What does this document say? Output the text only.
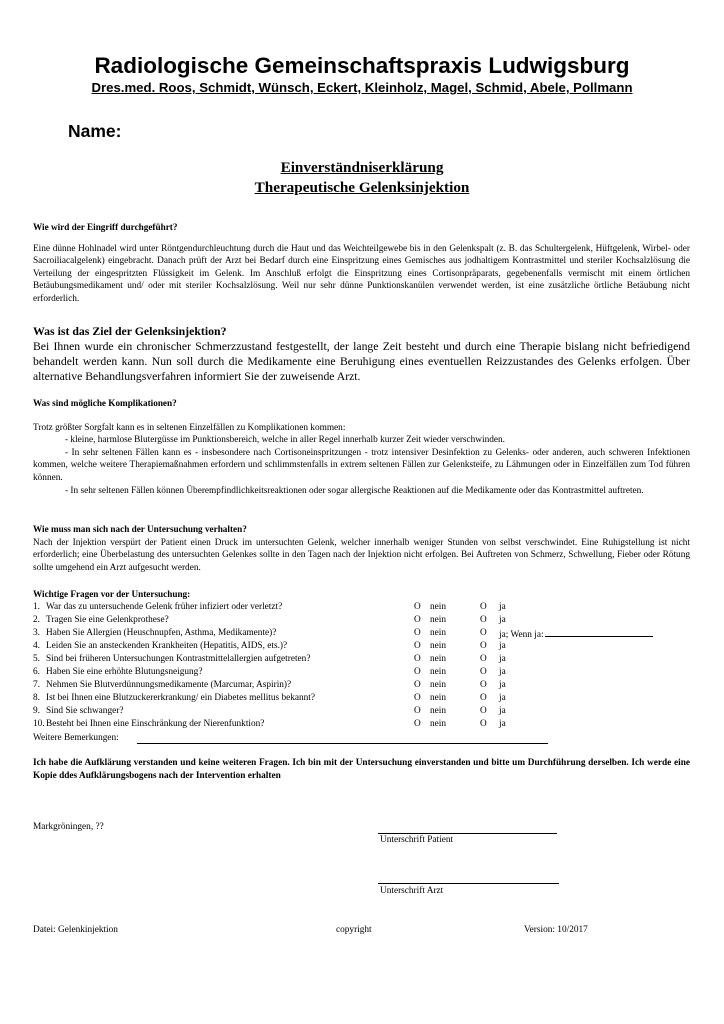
Radiologische Gemeinschaftspraxis Ludwigsburg
Dres.med. Roos, Schmidt, Wünsch, Eckert, Kleinholz, Magel, Schmid, Abele, Pollmann
Name:
Einverständniserklärung
Therapeutische Gelenksinjektion
Wie wird der Eingriff durchgeführt?

Eine dünne Hohlnadel wird unter Röntgendurchleuchtung durch die Haut und das Weichteilgewebe bis in den Gelenkspalt (z. B. das Schultergelenk, Hüftgelenk, Wirbel- oder Sacroiliacalgelenk) eingebracht. Danach prüft der Arzt bei Bedarf durch eine Einspritzung eines Gemisches aus jodhaltigem Kontrastmittel und steriler Kochsalzlösung die Verteilung der eingespritzten Flüssigkeit im Gelenk. Im Anschluß erfolgt die Einspritzung eines Cortisonpräparats, gegebenenfalls vermischt mit einem örtlichen Betäubungsmedikament und/ oder mit steriler Kochsalzlösung. Weil nur sehr dünne Punktionskanülen verwendet werden, ist eine zusätzliche örtliche Betäubung nicht erforderlich.

Was ist das Ziel der Gelenksinjektion?

Bei Ihnen wurde ein chronischer Schmerzzustand festgestellt, der lange Zeit besteht und durch eine Therapie bislang nicht befriedigend behandelt werden kann. Nun soll durch die Medikamente eine Beruhigung eines eventuellen Reizzustandes des Gelenks erfolgen. Über alternative Behandlungsverfahren informiert Sie der zuweisende Arzt.

Was sind mögliche Komplikationen?

Trotz größter Sorgfalt kann es in seltenen Einzelfällen zu Komplikationen kommen:

- kleine, harmlose Blutergüsse im Punktionsbereich, welche in aller Regel innerhalb kurzer Zeit wieder verschwinden.

- In sehr seltenen Fällen kann es - insbesondere nach Cortisoneinspritzungen - trotz intensiver Desinfektion zu Gelenks- oder anderen, auch schweren Infektionen kommen, welche weitere Therapiemaßnahmen erfordern und schlimmstenfalls in extrem seltenen Fällen zur Gelenksteife, zu Lähmungen oder in Einzelfällen zum Tod führen können.

- In sehr seltenen Fällen können Überempfindlichkeitsreaktionen oder sogar allergische Reaktionen auf die Medikamente oder das Kontrastmittel auftreten.

Wie muss man sich nach der Untersuchung verhalten?

Nach der Injektion verspürt der Patient einen Druck im untersuchten Gelenk, welcher innerhalb weniger Stunden von selbst verschwindet. Eine Ruhigstellung ist nicht erforderlich; eine Überbelastung des untersuchten Gelenkes sollte in den Tagen nach der Injektion nicht erfolgen. Bei Auftreten von Schmerz, Schwellung, Fieber oder Rötung sollte umgehend ein Arzt aufgesucht werden.

Wichtige Fragen vor der Untersuchung:
1. War das zu untersuchende Gelenk früher infiziert oder verletzt?	O nein	O ja
2. Tragen Sie eine Gelenkprothese?	O nein	O ja
3. Haben Sie Allergien (Heuschnupfen, Asthma, Medikamente)?	O nein	O ja; Wenn ja:
4. Leiden Sie an ansteckenden Krankheiten (Hepatitis, AIDS, ets.)?	O nein	O ja
5. Sind bei früheren Untersuchungen Kontrastmittelallergien aufgetreten?	O nein	O ja
6. Haben Sie eine erhöhte Blutungsneigung?	O nein	O ja
7. Nehmen Sie Blutverdünnungsmedikamente (Marcumar, Aspirin)?	O nein	O ja
8. Ist bei Ihnen eine Blutzuckererkrankung/ ein Diabetes mellitus bekannt?	O nein	O ja
9. Sind Sie schwanger?	O nein	O ja
10. Besteht bei Ihnen eine Einschränkung der Nierenfunktion?	O nein	O ja
Weitere Bemerkungen:

Ich habe die Aufklärung verstanden und keine weiteren Fragen. Ich bin mit der Untersuchung einverstanden und bitte um Durchführung derselben. Ich werde eine Kopie ddes Aufklärungsbogens nach der Intervention erhalten

Markgröningen, ??
Unterschrift Patient
Unterschrift Arzt
Datei: Gelenkinjektion	copyright	Version: 10/2017
